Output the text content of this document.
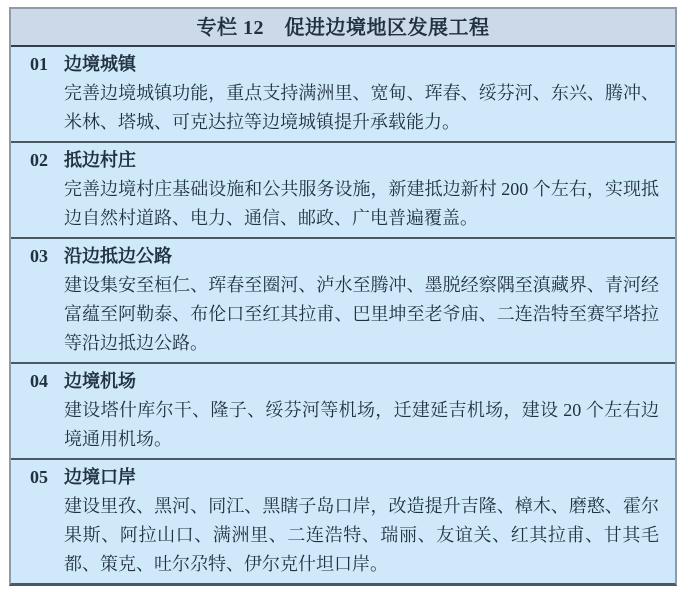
专栏 12　促进边境地区发展工程
01 边境城镇
完善边境城镇功能，重点支持满洲里、宽甸、珲春、绥芬河、东兴、腾冲、米林、塔城、可克达拉等边境城镇提升承载能力。
02 抵边村庄
完善边境村庄基础设施和公共服务设施，新建抵边新村 200 个左右，实现抵边自然村道路、电力、通信、邮政、广电普遍覆盖。
03 沿边抵边公路
建设集安至桓仁、珲春至圈河、泸水至腾冲、墨脱经察隅至滇藏界、青河经富蕴至阿勒泰、布伦口至红其拉甫、巴里坤至老爷庙、二连浩特至赛罕塔拉等沿边抵边公路。
04 边境机场
建设塔什库尔干、隆子、绥芬河等机场，迁建延吉机场，建设 20 个左右边境通用机场。
05 边境口岸
建设里孜、黑河、同江、黑瞎子岛口岸，改造提升吉隆、樟木、磨憨、霍尔果斯、阿拉山口、满洲里、二连浩特、瑞丽、友谊关、红其拉甫、甘其毛都、策克、吐尔尕特、伊尔克什坦口岸。
